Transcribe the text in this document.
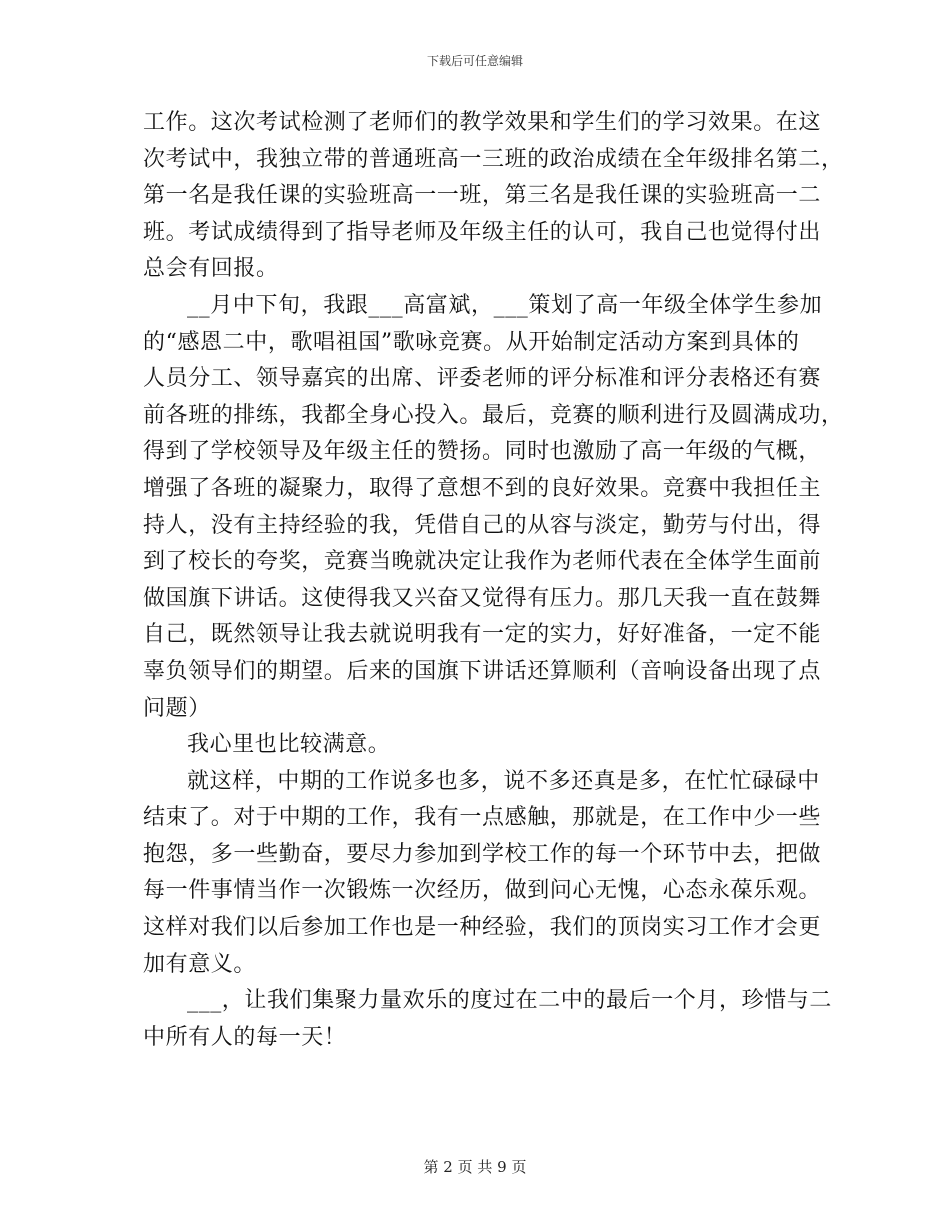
下载后可任意编辑
工作。这次考试检测了老师们的教学效果和学生们的学习效果。在这
次考试中，我独立带的普通班高一三班的政治成绩在全年级排名第二，
第一名是我任课的实验班高一一班，第三名是我任课的实验班高一二
班。考试成绩得到了指导老师及年级主任的认可，我自己也觉得付出
总会有回报。
__月中下旬，我跟___高富斌，___策划了高一年级全体学生参加
的“感恩二中，歌唱祖国”歌咏竞赛。从开始制定活动方案到具体的
人员分工、领导嘉宾的出席、评委老师的评分标准和评分表格还有赛
前各班的排练，我都全身心投入。最后，竞赛的顺利进行及圆满成功，
得到了学校领导及年级主任的赞扬。同时也激励了高一年级的气概，
增强了各班的凝聚力，取得了意想不到的良好效果。竞赛中我担任主
持人，没有主持经验的我，凭借自己的从容与淡定，勤劳与付出，得
到了校长的夸奖，竞赛当晚就决定让我作为老师代表在全体学生面前
做国旗下讲话。这使得我又兴奋又觉得有压力。那几天我一直在鼓舞
自己，既然领导让我去就说明我有一定的实力，好好准备，一定不能
辜负领导们的期望。后来的国旗下讲话还算顺利（音响设备出现了点
问题）
我心里也比较满意。
就这样，中期的工作说多也多，说不多还真是多，在忙忙碌碌中
结束了。对于中期的工作，我有一点感触，那就是，在工作中少一些
抱怨，多一些勤奋，要尽力参加到学校工作的每一个环节中去，把做
每一件事情当作一次锻炼一次经历，做到问心无愧，心态永葆乐观。
这样对我们以后参加工作也是一种经验，我们的顶岗实习工作才会更
加有意义。
___，让我们集聚力量欢乐的度过在二中的最后一个月，珍惜与二
中所有人的每一天！
第 2 页 共 9 页
